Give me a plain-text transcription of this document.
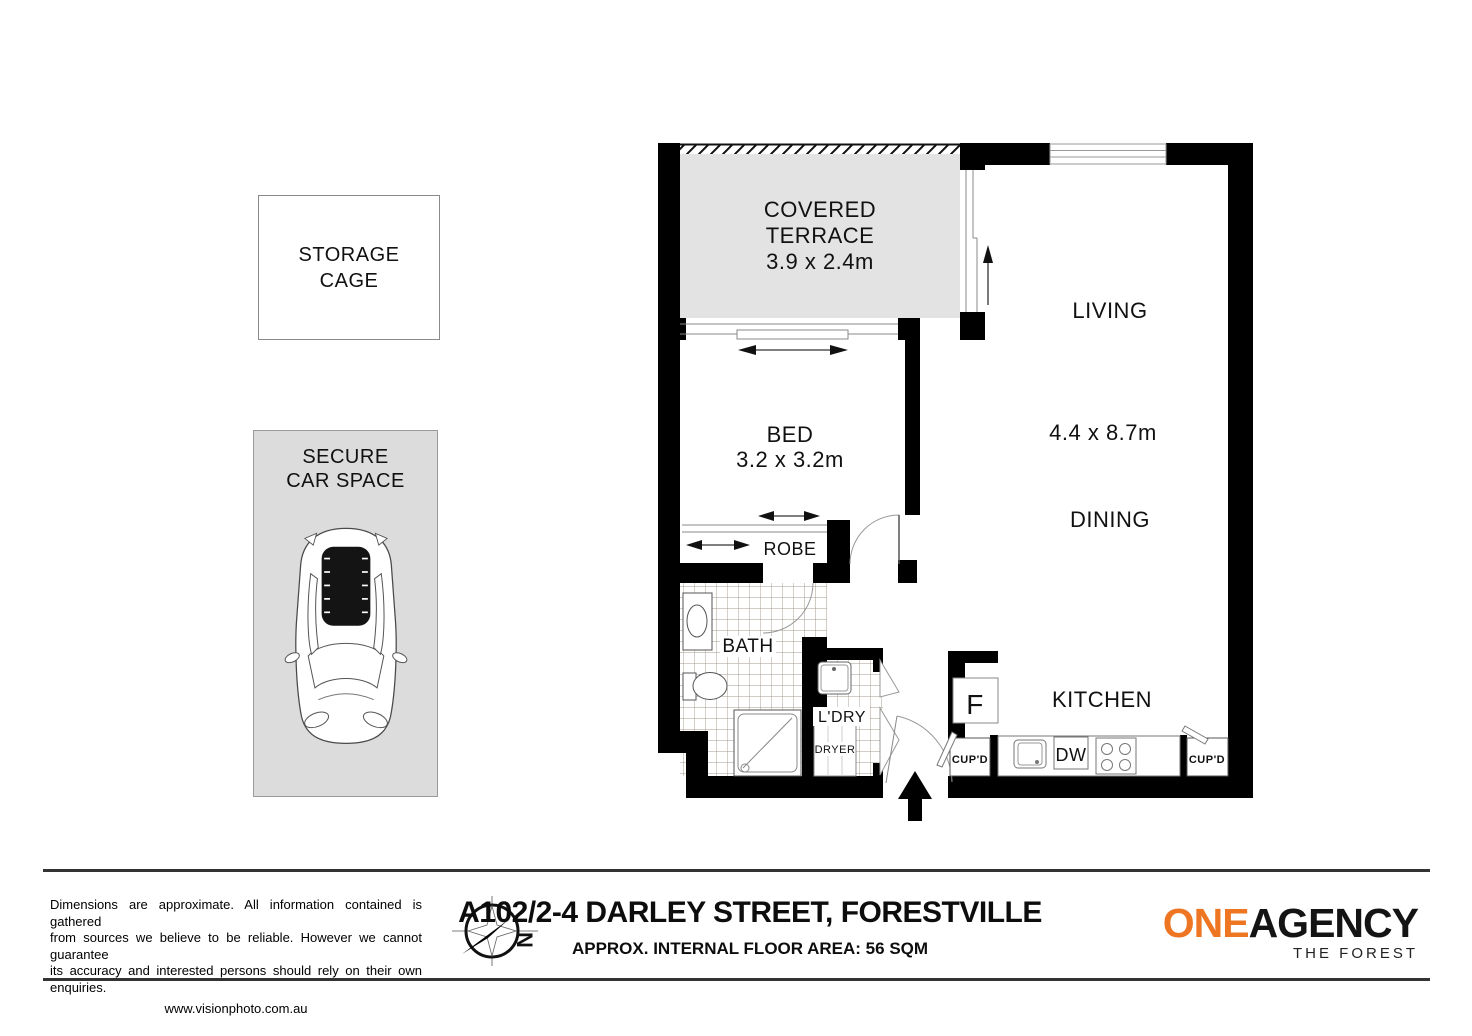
STORAGE
CAGE
SECURE
CAR SPACE
COVERED
TERRACE
3.9 x 2.4m
LIVING
4.4 x 8.7m
DINING
BED
3.2 x 3.2m
ROBE
BATH
L'DRY
DRYER
KITCHEN
F
DW
CUP'D	CUP'D
Dimensions are approximate. All information contained is gathered
from sources we believe to be reliable. However we cannot guarantee
its accuracy and interested persons should rely on their own enquiries.
www.visionphoto.com.au
N
A102/2-4 DARLEY STREET, FORESTVILLE
APPROX. INTERNAL FLOOR AREA: 56 SQM
ONEAGENCY
THE FOREST
